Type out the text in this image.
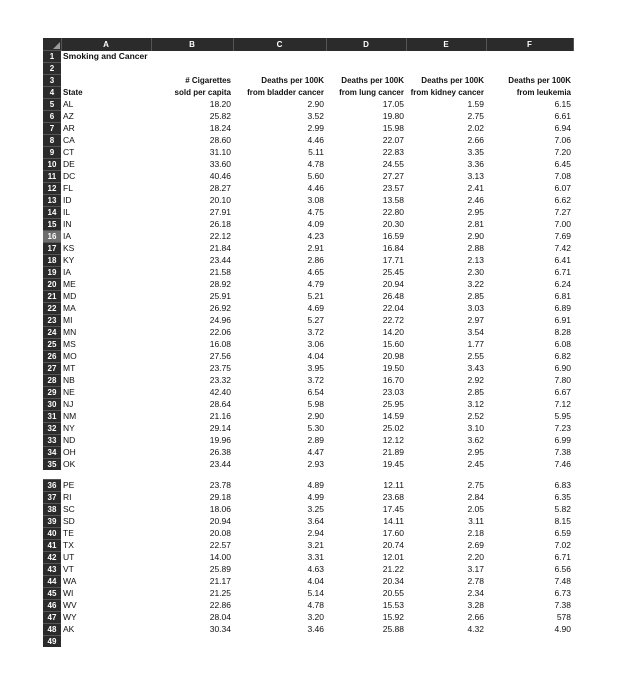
	A	B	C	D	E	F
1	Smoking and Cancer					
2						
3		# Cigarettes	Deaths per 100K	Deaths per 100K	Deaths per 100K	Deaths per 100K
4	State	sold per capita	from bladder cancer	from lung cancer	from kidney cancer	from leukemia
5	AL	18.20	2.90	17.05	1.59	6.15
6	AZ	25.82	3.52	19.80	2.75	6.61
7	AR	18.24	2.99	15.98	2.02	6.94
8	CA	28.60	4.46	22.07	2.66	7.06
9	CT	31.10	5.11	22.83	3.35	7.20
10	DE	33.60	4.78	24.55	3.36	6.45
11	DC	40.46	5.60	27.27	3.13	7.08
12	FL	28.27	4.46	23.57	2.41	6.07
13	ID	20.10	3.08	13.58	2.46	6.62
14	IL	27.91	4.75	22.80	2.95	7.27
15	IN	26.18	4.09	20.30	2.81	7.00
16	IA	22.12	4.23	16.59	2.90	7.69
17	KS	21.84	2.91	16.84	2.88	7.42
18	KY	23.44	2.86	17.71	2.13	6.41
19	IA	21.58	4.65	25.45	2.30	6.71
20	ME	28.92	4.79	20.94	3.22	6.24
21	MD	25.91	5.21	26.48	2.85	6.81
22	MA	26.92	4.69	22.04	3.03	6.89
23	MI	24.96	5.27	22.72	2.97	6.91
24	MN	22.06	3.72	14.20	3.54	8.28
25	MS	16.08	3.06	15.60	1.77	6.08
26	MO	27.56	4.04	20.98	2.55	6.82
27	MT	23.75	3.95	19.50	3.43	6.90
28	NB	23.32	3.72	16.70	2.92	7.80
29	NE	42.40	6.54	23.03	2.85	6.67
30	NJ	28.64	5.98	25.95	3.12	7.12
31	NM	21.16	2.90	14.59	2.52	5.95
32	NY	29.14	5.30	25.02	3.10	7.23
33	ND	19.96	2.89	12.12	3.62	6.99
34	OH	26.38	4.47	21.89	2.95	7.38
35	OK	23.44	2.93	19.45	2.45	7.46

36	PE	23.78	4.89	12.11	2.75	6.83
37	RI	29.18	4.99	23.68	2.84	6.35
38	SC	18.06	3.25	17.45	2.05	5.82
39	SD	20.94	3.64	14.11	3.11	8.15
40	TE	20.08	2.94	17.60	2.18	6.59
41	TX	22.57	3.21	20.74	2.69	7.02
42	UT	14.00	3.31	12.01	2.20	6.71
43	VT	25.89	4.63	21.22	3.17	6.56
44	WA	21.17	4.04	20.34	2.78	7.48
45	WI	21.25	5.14	20.55	2.34	6.73
46	WV	22.86	4.78	15.53	3.28	7.38
47	WY	28.04	3.20	15.92	2.66	578
48	AK	30.34	3.46	25.88	4.32	4.90
49						
